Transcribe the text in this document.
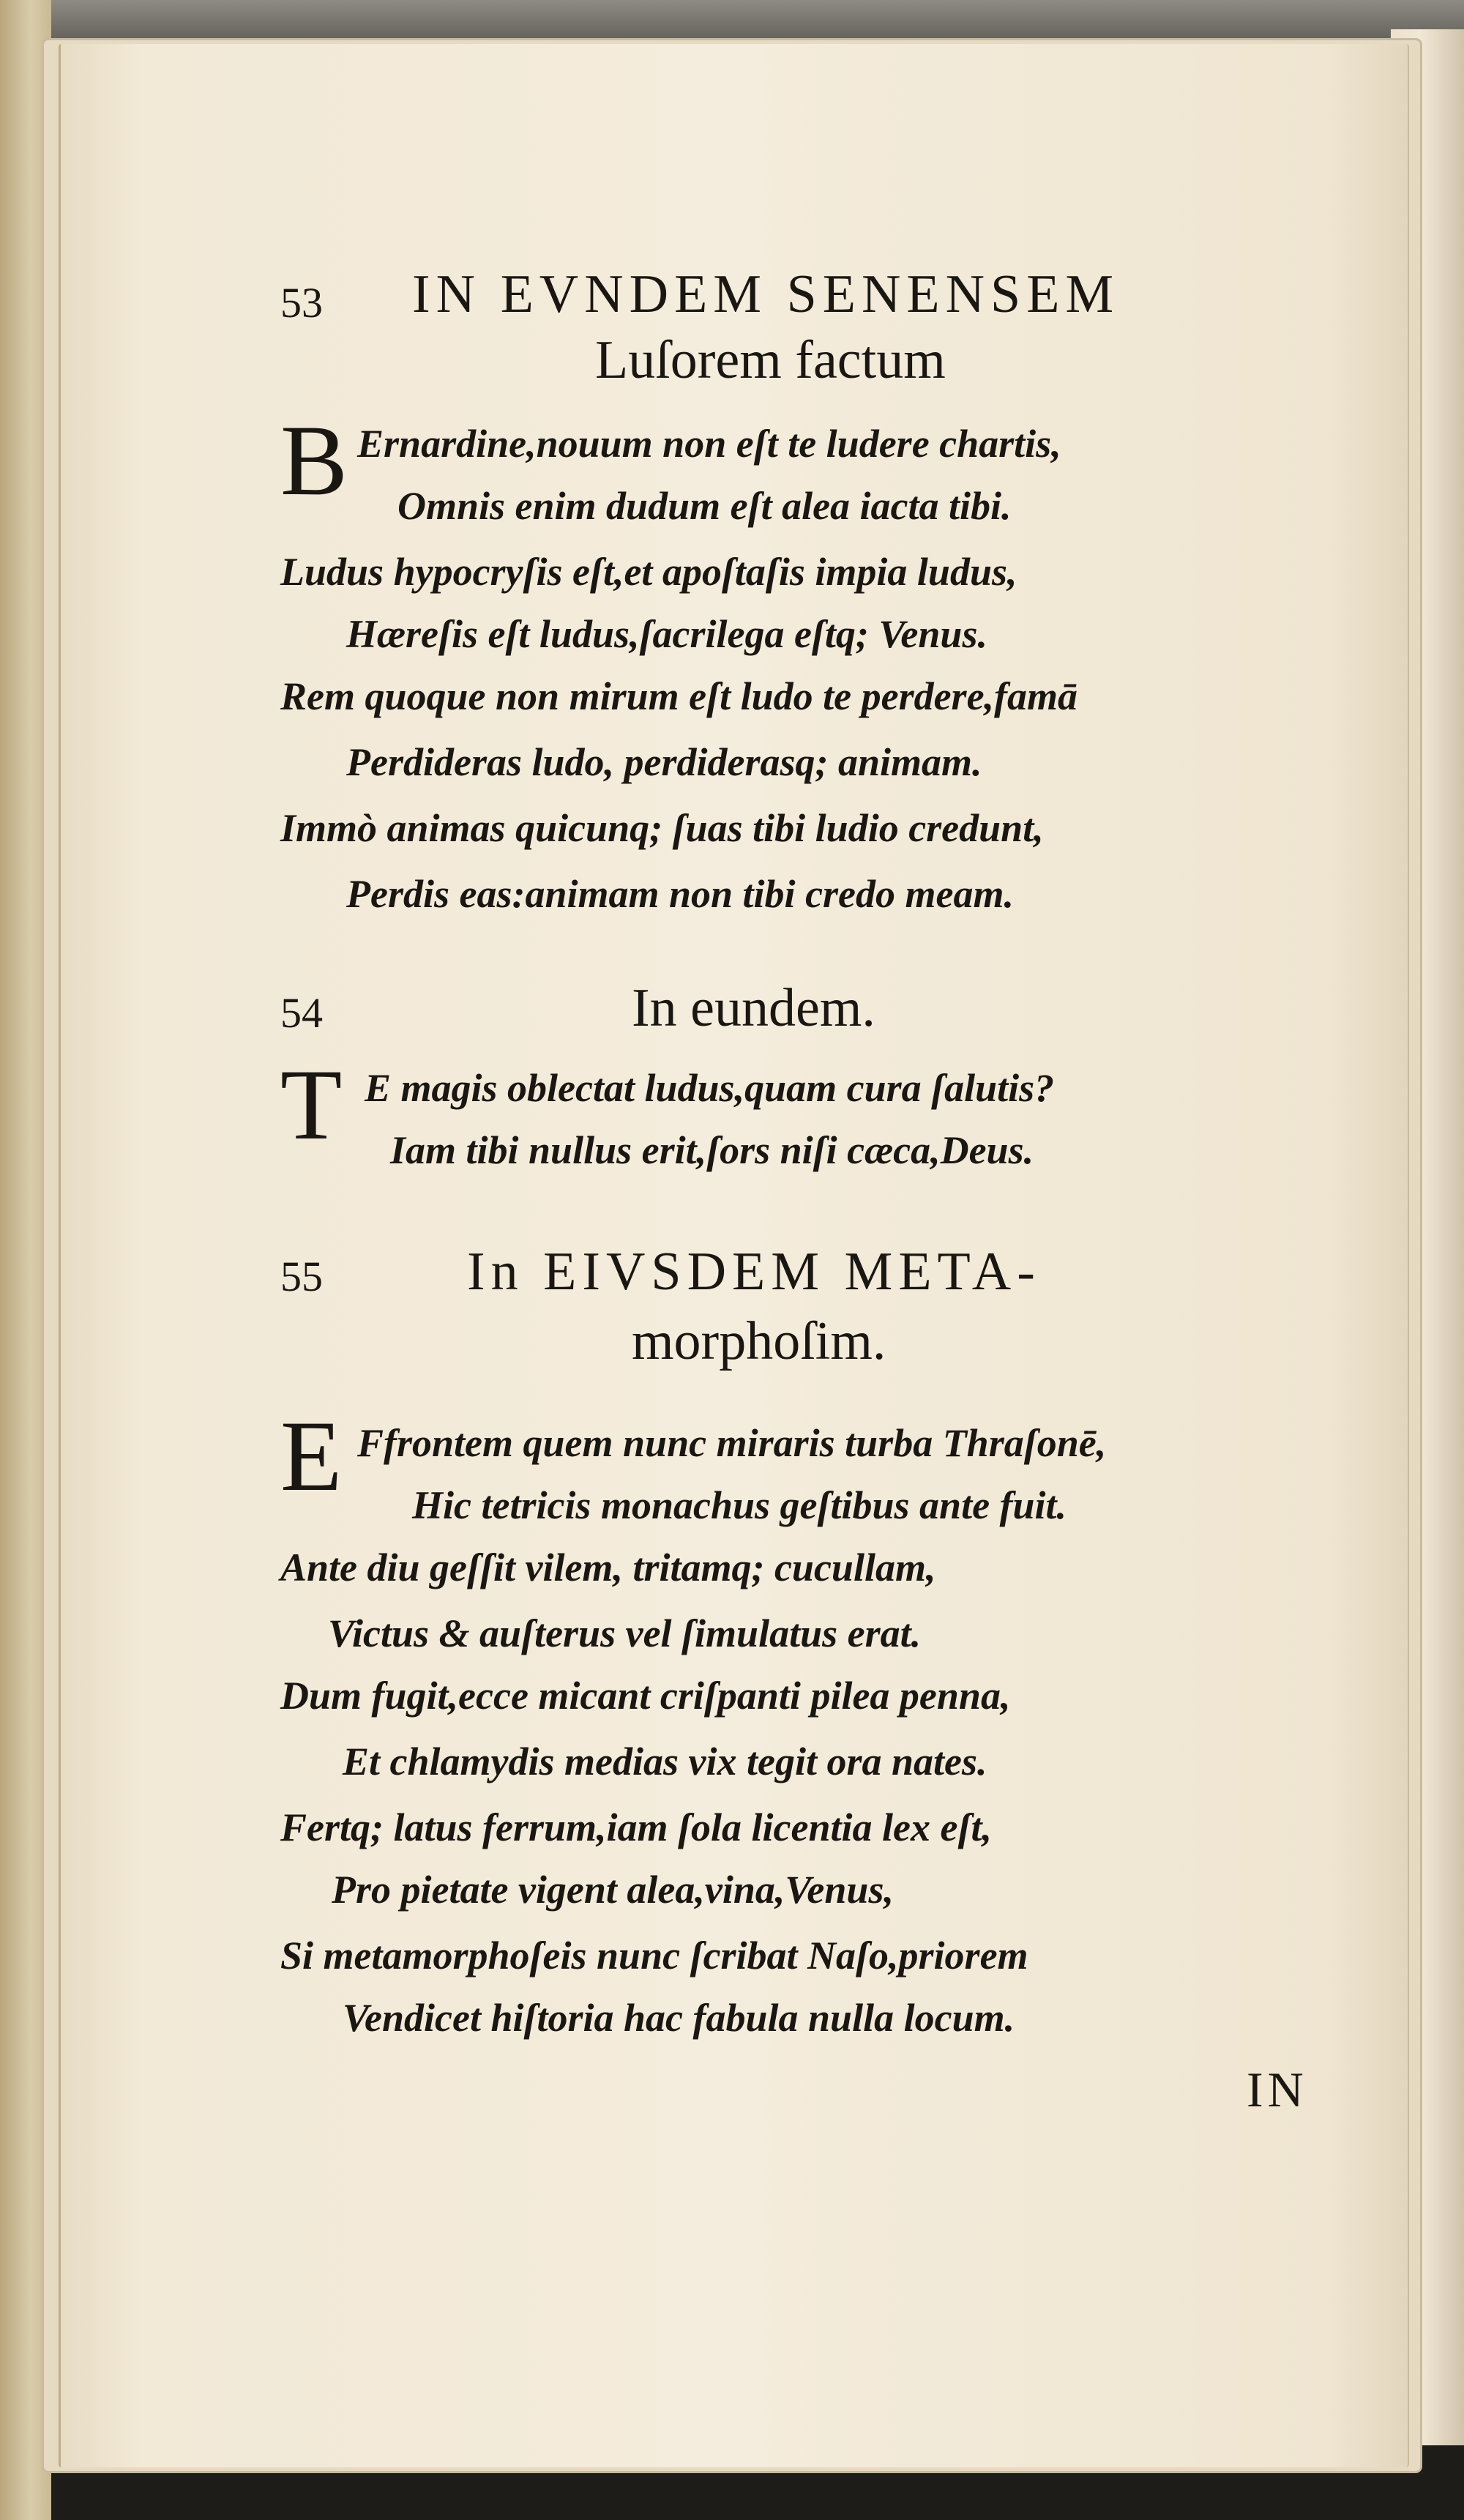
53 IN EVNDEM SENENSEM
Luſorem factum
B Ernardine,nouum non eſt te ludere chartis,
Omnis enim dudum eſt alea iacta tibi.
Ludus hypocryſis eſt,et apoſtaſis impia ludus,
Hæreſis eſt ludus,ſacrilega eſtq; Venus.
Rem quoque non mirum eſt ludo te perdere,famā
Perdideras ludo, perdiderasq; animam.
Immò animas quicunq; ſuas tibi ludio credunt,
Perdis eas:animam non tibi credo meam.
54	In eundem.
T E magis oblectat ludus,quam cura ſalutis?
Iam tibi nullus erit,ſors niſi cæca,Deus.
55	In EIVSDEM META-
morphoſim.
E Ffrontem quem nunc miraris turba Thraſonē,
Hic tetricis monachus geſtibus ante fuit.
Ante diu geſſit vilem, tritamq; cucullam,
Victus & auſterus vel ſimulatus erat.
Dum fugit,ecce micant criſpanti pilea penna,
Et chlamydis medias vix tegit ora nates.
Fertq; latus ferrum,iam ſola licentia lex eſt,
Pro pietate vigent alea,vina,Venus,
Si metamorphoſeis nunc ſcribat Naſo,priorem
Vendicet hiſtoria hac fabula nulla locum.
IN
